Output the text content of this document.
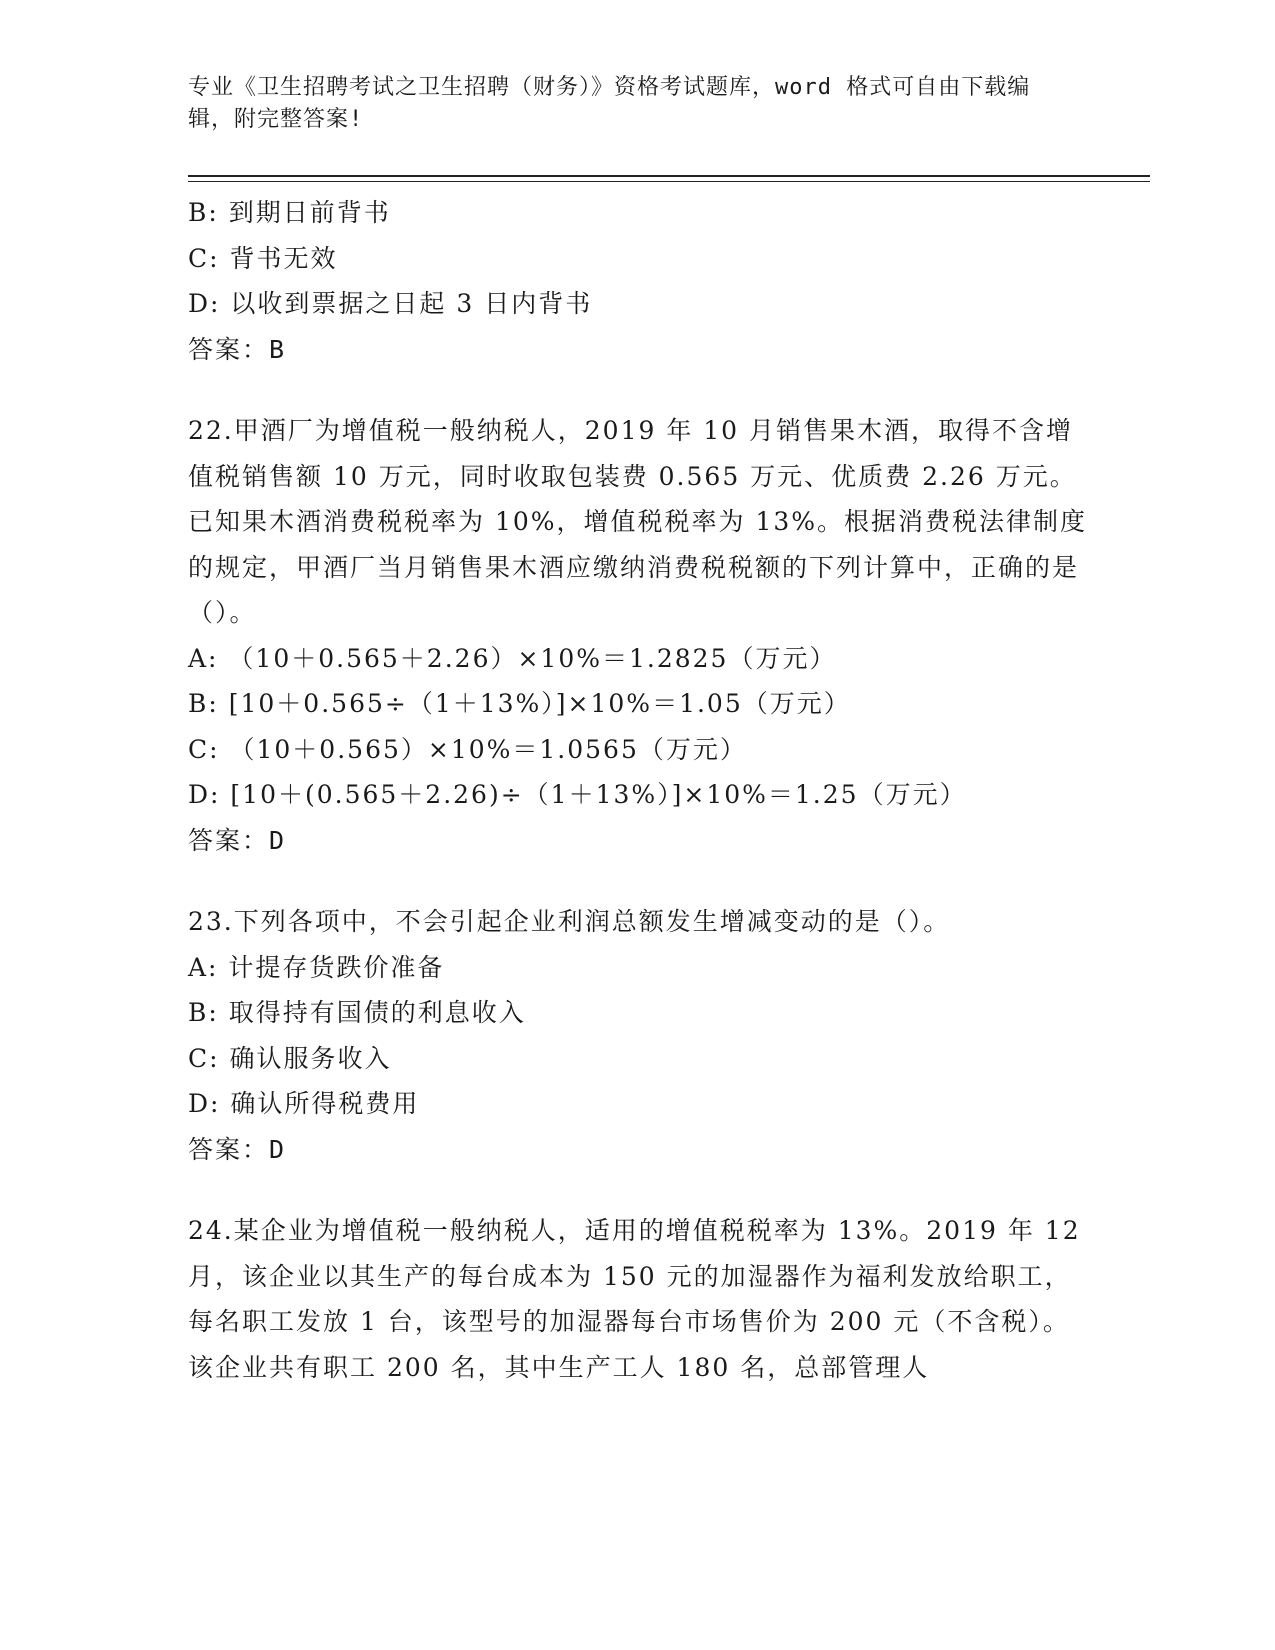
专业《卫生招聘考试之卫生招聘（财务）》资格考试题库，word 格式可自由下载编辑，附完整答案!
B: 到期日前背书
C: 背书无效
D: 以收到票据之日起 3 日内背书
答案：B
22.甲酒厂为增值税一般纳税人，2019 年 10 月销售果木酒，取得不含增值税销售额 10 万元，同时收取包装费 0.565 万元、优质费 2.26 万元。已知果木酒消费税税率为 10%，增值税税率为 13%。根据消费税法律制度的规定，甲酒厂当月销售果木酒应缴纳消费税税额的下列计算中，正确的是（）。
A: （10＋0.565＋2.26）×10%＝1.2825（万元）
B: [10＋0.565÷（1＋13%）]×10%＝1.05（万元）
C: （10＋0.565）×10%＝1.0565（万元）
D: [10＋(0.565＋2.26)÷（1＋13%）]×10%＝1.25（万元）
答案：D
23.下列各项中，不会引起企业利润总额发生增减变动的是（）。
A: 计提存货跌价准备
B: 取得持有国债的利息收入
C: 确认服务收入
D: 确认所得税费用
答案：D
24.某企业为增值税一般纳税人，适用的增值税税率为 13%。2019 年 12 月，该企业以其生产的每台成本为 150 元的加湿器作为福利发放给职工，每名职工发放 1 台，该型号的加湿器每台市场售价为 200 元（不含税）。该企业共有职工 200 名，其中生产工人 180 名，总部管理人
